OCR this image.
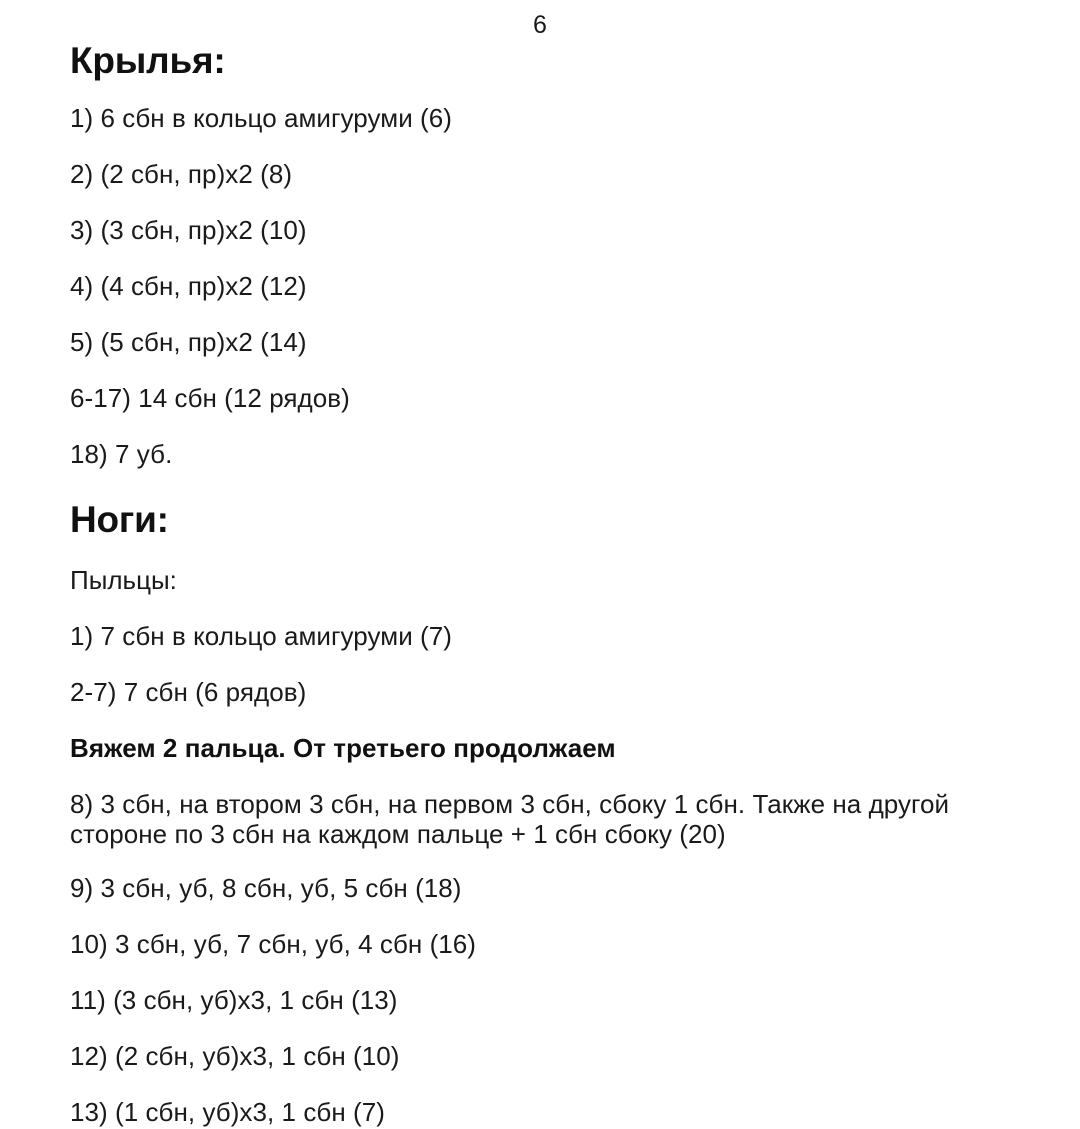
6
Крылья:

1) 6 сбн в кольцо амигуруми (6)

2) (2 сбн, пр)х2 (8)

3) (3 сбн, пр)х2 (10)

4) (4 сбн, пр)х2 (12)

5) (5 сбн, пр)х2 (14)

6-17) 14 сбн (12 рядов)

18) 7 уб.

Ноги:

Пыльцы:

1) 7 сбн в кольцо амигуруми (7)

2-7) 7 сбн (6 рядов)

Вяжем 2 пальца. От третьего продолжаем

8) 3 сбн, на втором 3 сбн, на первом 3 сбн, сбоку 1 сбн. Также на другой стороне по 3 сбн на каждом пальце + 1 сбн сбоку (20)

9) 3 сбн, уб, 8 сбн, уб, 5 сбн (18)

10) 3 сбн, уб, 7 сбн, уб, 4 сбн (16)

11) (3 сбн, уб)х3, 1 сбн (13)

12) (2 сбн, уб)х3, 1 сбн (10)

13) (1 сбн, уб)х3, 1 сбн (7)
